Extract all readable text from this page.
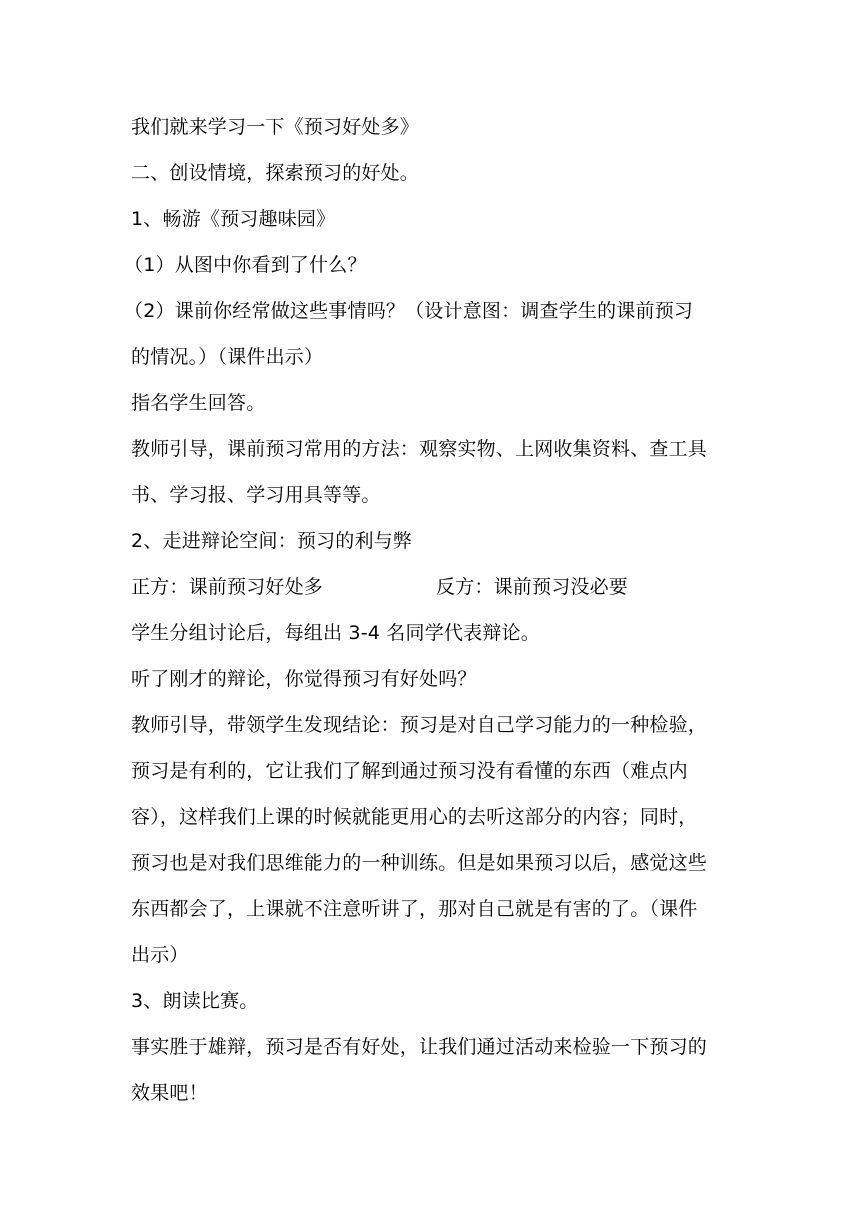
我们就来学习一下《预习好处多》
二、创设情境，探索预习的好处。
1、畅游《预习趣味园》
（1）从图中你看到了什么？
（2）课前你经常做这些事情吗？（设计意图：调查学生的课前预习
的情况。）（课件出示）
指名学生回答。
教师引导，课前预习常用的方法：观察实物、上网收集资料、查工具
书、学习报、学习用具等等。
2、走进辩论空间：预习的利与弊
正方：课前预习好处多	反方：课前预习没必要
学生分组讨论后，每组出 3-4 名同学代表辩论。
听了刚才的辩论，你觉得预习有好处吗？
教师引导，带领学生发现结论：预习是对自己学习能力的一种检验，
预习是有利的，它让我们了解到通过预习没有看懂的东西（难点内
容），这样我们上课的时候就能更用心的去听这部分的内容；同时，
预习也是对我们思维能力的一种训练。但是如果预习以后，感觉这些
东西都会了，上课就不注意听讲了，那对自己就是有害的了。（课件
出示）
3、朗读比赛。
事实胜于雄辩，预习是否有好处，让我们通过活动来检验一下预习的
效果吧！
